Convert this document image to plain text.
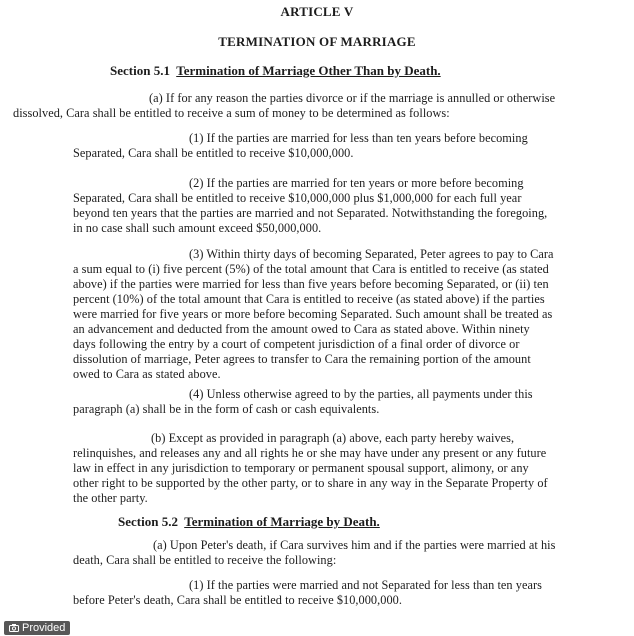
ARTICLE V
TERMINATION OF MARRIAGE
Section 5.1 Termination of Marriage Other Than by Death.
(a) If for any reason the parties divorce or if the marriage is annulled or otherwise
dissolved, Cara shall be entitled to receive a sum of money to be determined as follows:
(1) If the parties are married for less than ten years before becoming
Separated, Cara shall be entitled to receive $10,000,000.
(2) If the parties are married for ten years or more before becoming
Separated, Cara shall be entitled to receive $10,000,000 plus $1,000,000 for each full year
beyond ten years that the parties are married and not Separated. Notwithstanding the foregoing,
in no case shall such amount exceed $50,000,000.
(3) Within thirty days of becoming Separated, Peter agrees to pay to Cara
a sum equal to (i) five percent (5%) of the total amount that Cara is entitled to receive (as stated
above) if the parties were married for less than five years before becoming Separated, or (ii) ten
percent (10%) of the total amount that Cara is entitled to receive (as stated above) if the parties
were married for five years or more before becoming Separated. Such amount shall be treated as
an advancement and deducted from the amount owed to Cara as stated above. Within ninety
days following the entry by a court of competent jurisdiction of a final order of divorce or
dissolution of marriage, Peter agrees to transfer to Cara the remaining portion of the amount
owed to Cara as stated above.
(4) Unless otherwise agreed to by the parties, all payments under this
paragraph (a) shall be in the form of cash or cash equivalents.
(b) Except as provided in paragraph (a) above, each party hereby waives,
relinquishes, and releases any and all rights he or she may have under any present or any future
law in effect in any jurisdiction to temporary or permanent spousal support, alimony, or any
other right to be supported by the other party, or to share in any way in the Separate Property of
the other party.
Section 5.2 Termination of Marriage by Death.
(a) Upon Peter's death, if Cara survives him and if the parties were married at his
death, Cara shall be entitled to receive the following:
(1) If the parties were married and not Separated for less than ten years
before Peter's death, Cara shall be entitled to receive $10,000,000.
Provided
